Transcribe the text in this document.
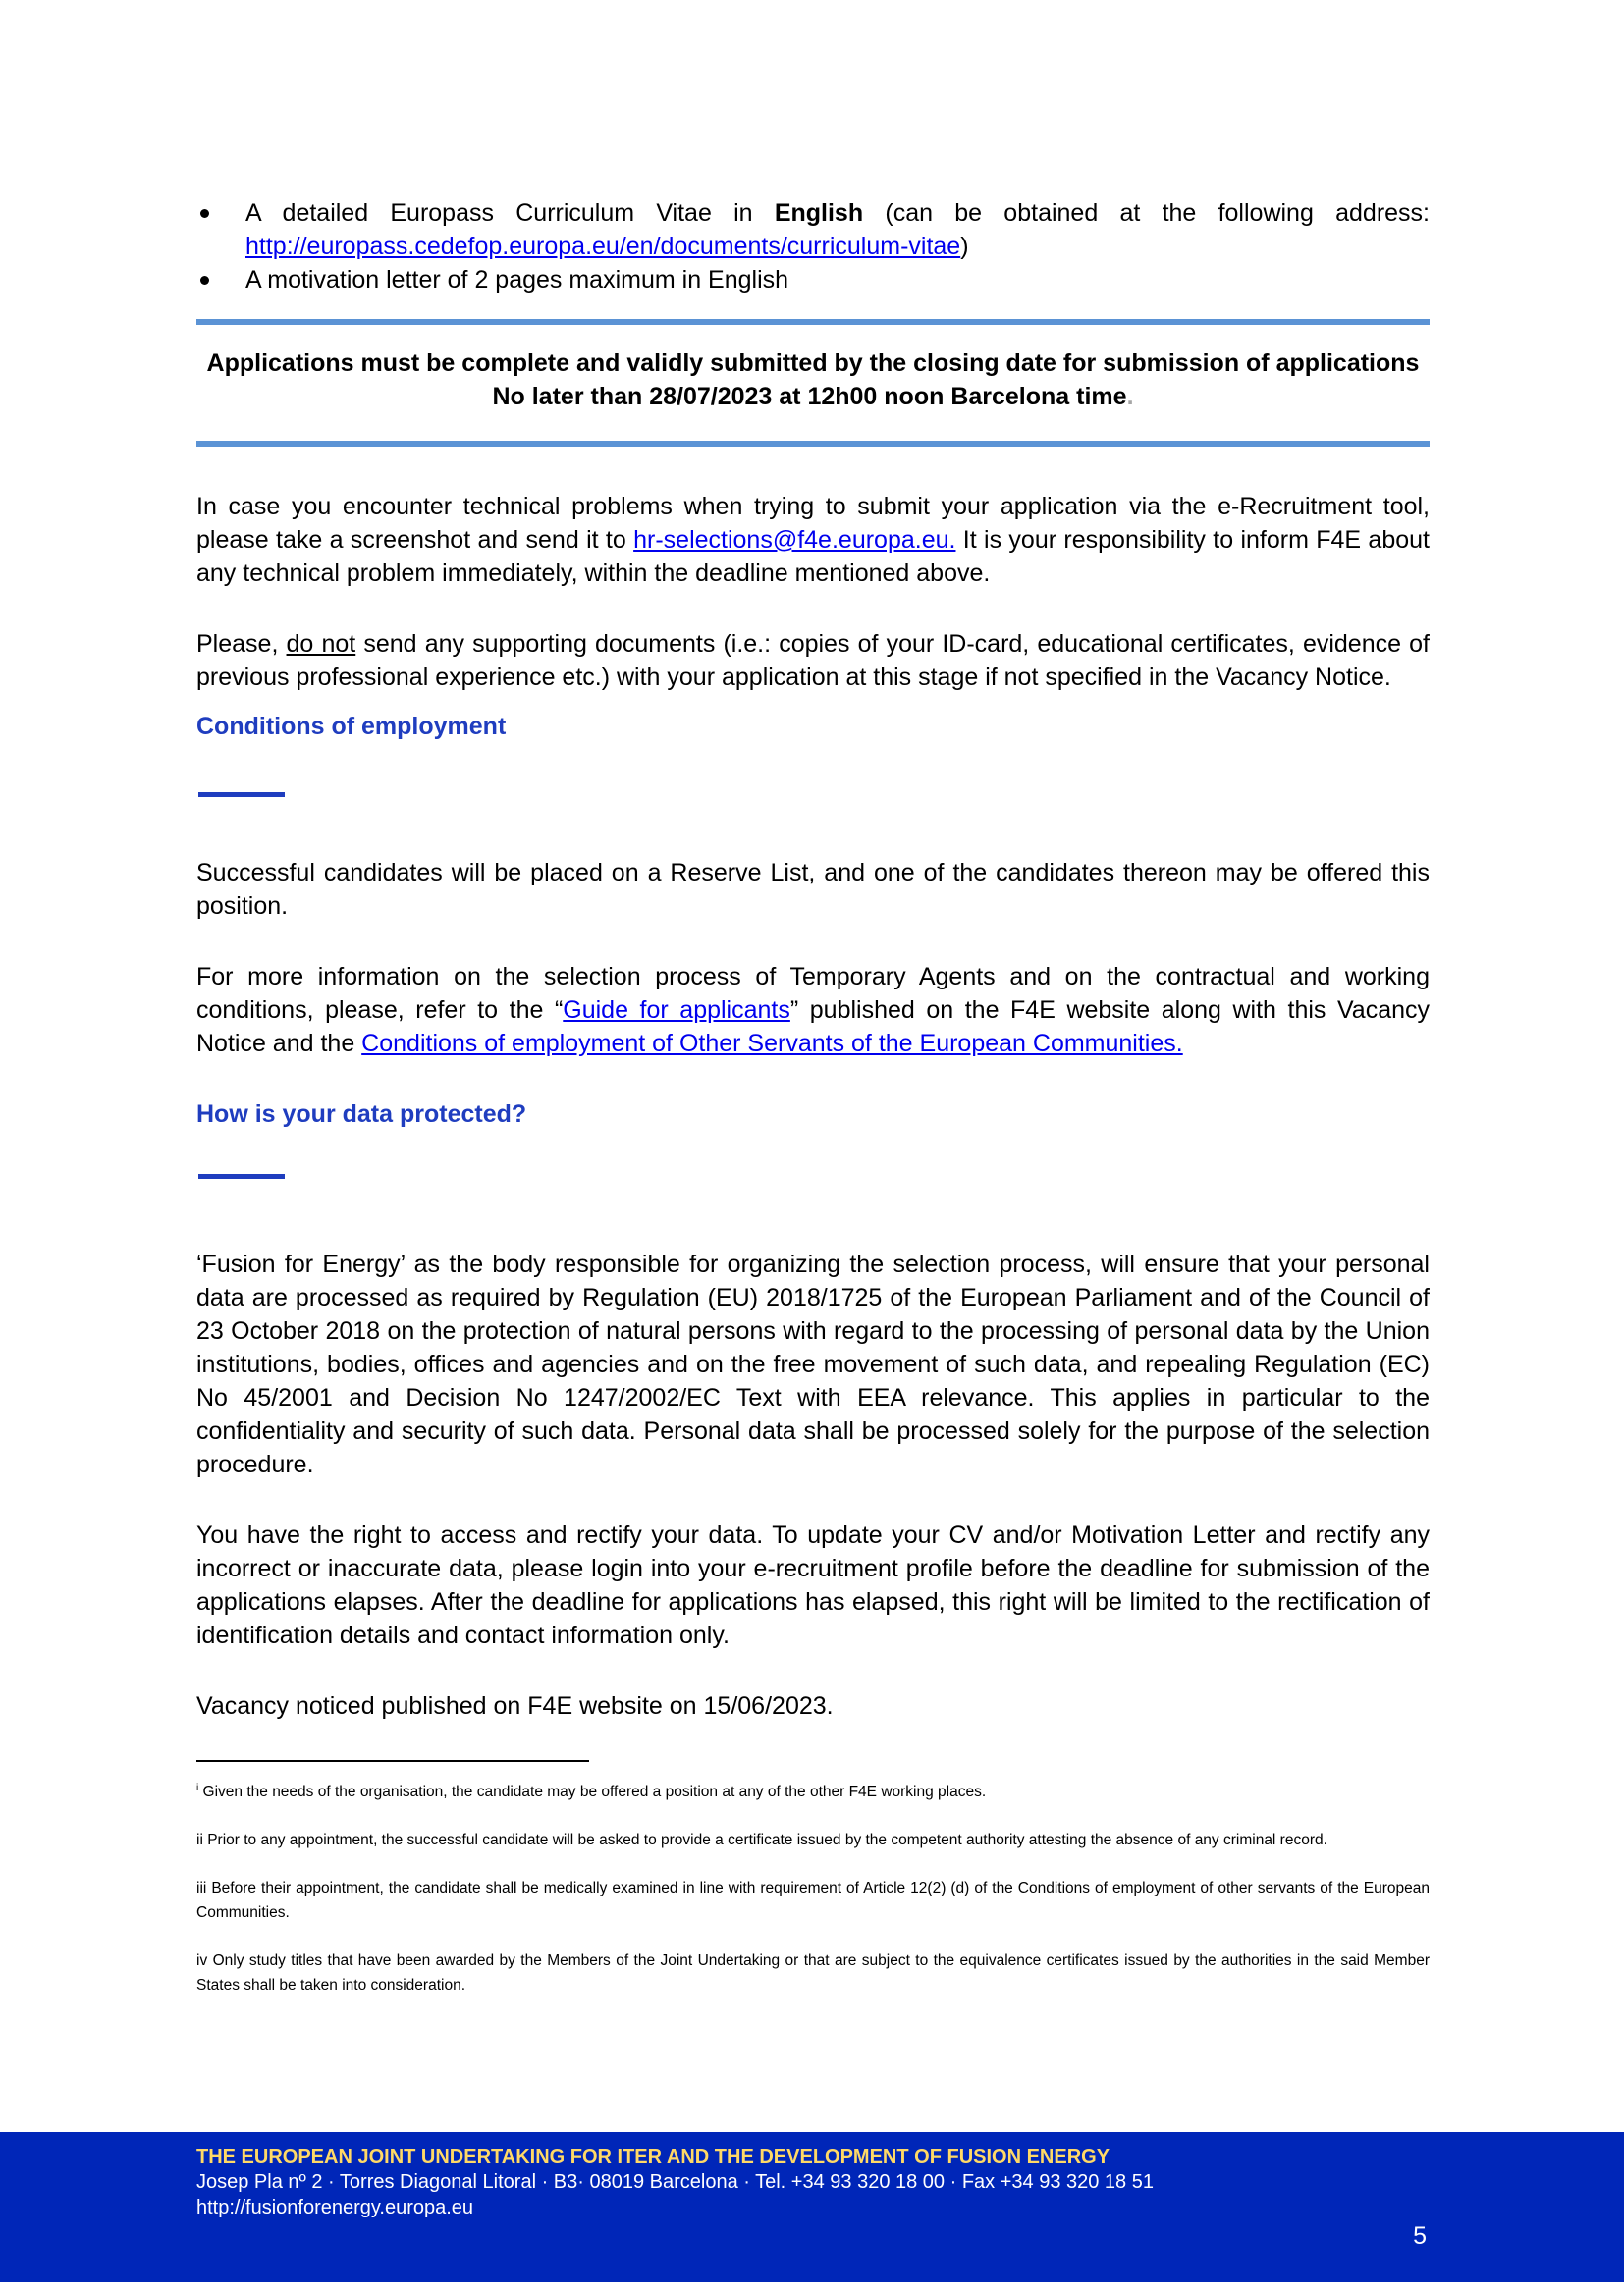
A detailed Europass Curriculum Vitae in English (can be obtained at the following address: http://europass.cedefop.europa.eu/en/documents/curriculum-vitae)
A motivation letter of 2 pages maximum in English
Applications must be complete and validly submitted by the closing date for submission of applications
No later than 28/07/2023 at 12h00 noon Barcelona time.

In case you encounter technical problems when trying to submit your application via the e-Recruitment tool, please take a screenshot and send it to hr-selections@f4e.europa.eu. It is your responsibility to inform F4E about any technical problem immediately, within the deadline mentioned above.

Please, do not send any supporting documents (i.e.: copies of your ID-card, educational certificates, evidence of previous professional experience etc.) with your application at this stage if not specified in the Vacancy Notice.

Conditions of employment

Successful candidates will be placed on a Reserve List, and one of the candidates thereon may be offered this position.

For more information on the selection process of Temporary Agents and on the contractual and working conditions, please, refer to the “Guide for applicants” published on the F4E website along with this Vacancy Notice and the Conditions of employment of Other Servants of the European Communities.

How is your data protected?

‘Fusion for Energy’ as the body responsible for organizing the selection process, will ensure that your personal data are processed as required by Regulation (EU) 2018/1725 of the European Parliament and of the Council of 23 October 2018 on the protection of natural persons with regard to the processing of personal data by the Union institutions, bodies, offices and agencies and on the free movement of such data, and repealing Regulation (EC) No 45/2001 and Decision No 1247/2002/EC Text with EEA relevance. This applies in particular to the confidentiality and security of such data. Personal data shall be processed solely for the purpose of the selection procedure.

You have the right to access and rectify your data. To update your CV and/or Motivation Letter and rectify any incorrect or inaccurate data, please login into your e-recruitment profile before the deadline for submission of the applications elapses. After the deadline for applications has elapsed, this right will be limited to the rectification of identification details and contact information only.

Vacancy noticed published on F4E website on 15/06/2023.

$^i$ Given the needs of the organisation, the candidate may be offered a position at any of the other F4E working places.
ii Prior to any appointment, the successful candidate will be asked to provide a certificate issued by the competent authority attesting the absence of any criminal record.
iii Before their appointment, the candidate shall be medically examined in line with requirement of Article 12(2) (d) of the Conditions of employment of other servants of the European Communities.
iv Only study titles that have been awarded by the Members of the Joint Undertaking or that are subject to the equivalence certificates issued by the authorities in the said Member States shall be taken into consideration.
THE EUROPEAN JOINT UNDERTAKING FOR ITER AND THE DEVELOPMENT OF FUSION ENERGY
Josep Pla nº 2 · Torres Diagonal Litoral · B3· 08019 Barcelona · Tel. +34 93 320 18 00 · Fax +34 93 320 18 51
http://fusionforenergy.europa.eu
5
